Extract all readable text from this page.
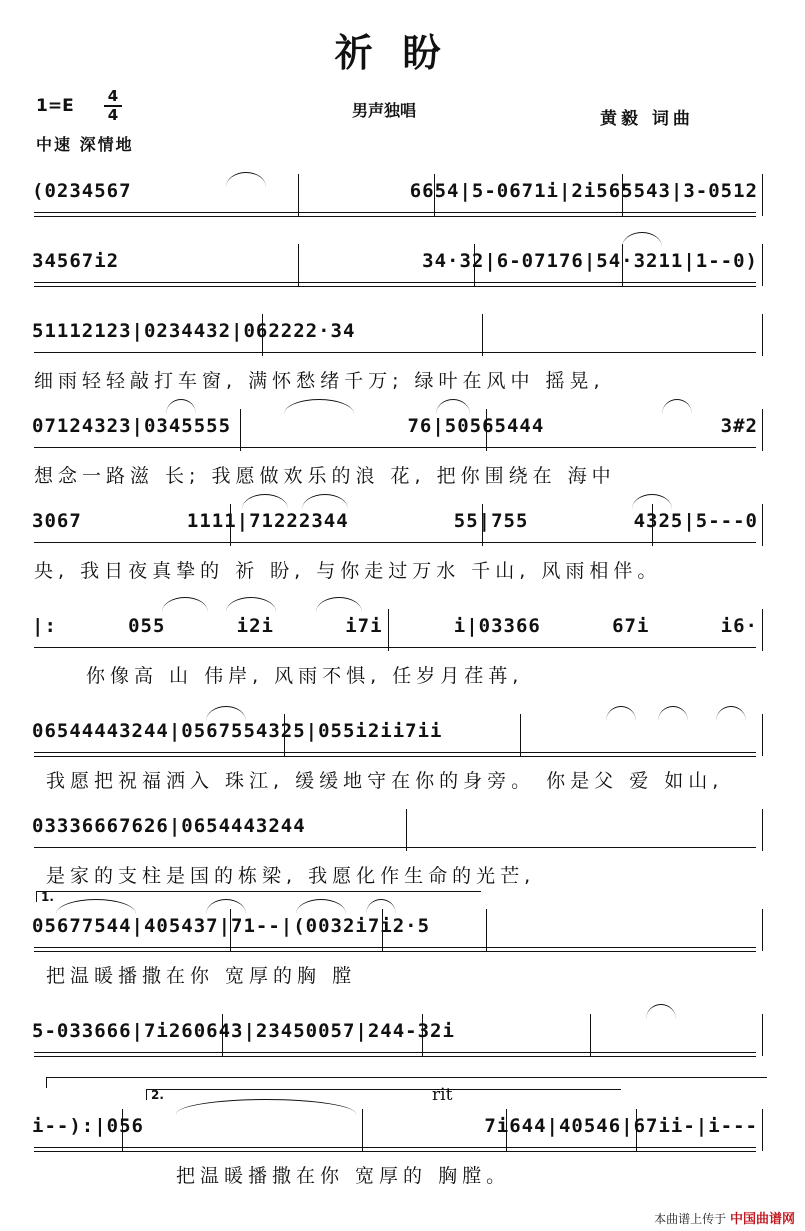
祈盼
1=E 4
4	男声独唱	黄毅 词曲
中速 深情地
(0234567 6654|5-0671i|2i565543|3-0512
34567i2 34·32|6-07176|54·3211|1--0)
51112123|0234432|062222·34
细雨轻轻敲打车窗, 满怀愁绪千万; 绿叶在风中 摇晃,
07124323|0345555 76|50565444 3#2
想念一路滋 长; 我愿做欢乐的浪 花, 把你围绕在 海中
3067 1111|71222344 55|755 4325|5---0
央, 我日夜真挚的 祈 盼, 与你走过万水 千山, 风雨相伴。
|: 055 i2i i7i i|03366 67i i6·
你像高 山 伟岸, 风雨不惧, 任岁月荏苒,
06544443244|0567554325|055i2ii7ii
我愿把祝福洒入 珠江, 缓缓地守在你的身旁。 你是父 爱 如山,
03336667626|0654443244
是家的支柱是国的栋梁, 我愿化作生命的光芒,
1.
05677544|405437|71--|(0032i7i2·5
把温暖播撒在你 宽厚的胸 膛
5-033666|7i260643|23450057|244-32i
2.	rit
i--):|056 7i644|40546|67ii-|i---
把温暖播撒在你 宽厚的 胸膛。
本曲谱上传于 中国曲谱网
